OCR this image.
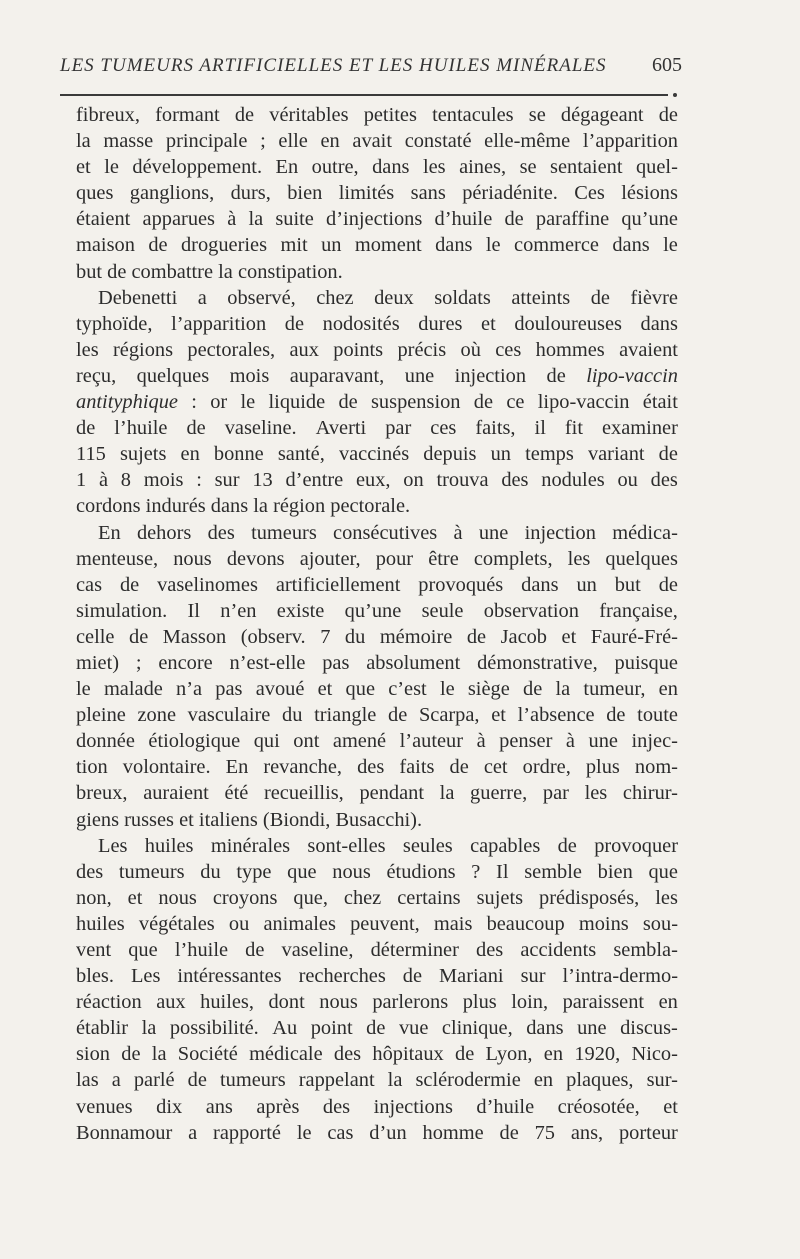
LES TUMEURS ARTIFICIELLES ET LES HUILES MINÉRALES 605
fibreux, formant de véritables petites tentacules se dégageant de
la masse principale ; elle en avait constaté elle-même l’apparition
et le développement. En outre, dans les aines, se sentaient quel-
ques ganglions, durs, bien limités sans périadénite. Ces lésions
étaient apparues à la suite d’injections d’huile de paraffine qu’une
maison de drogueries mit un moment dans le commerce dans le
but de combattre la constipation.
Debenetti a observé, chez deux soldats atteints de fièvre
typhoïde, l’apparition de nodosités dures et douloureuses dans
les régions pectorales, aux points précis où ces hommes avaient
reçu, quelques mois auparavant, une injection de lipo-vaccin
antityphique : or le liquide de suspension de ce lipo-vaccin était
de l’huile de vaseline. Averti par ces faits, il fit examiner
115 sujets en bonne santé, vaccinés depuis un temps variant de
1 à 8 mois : sur 13 d’entre eux, on trouva des nodules ou des
cordons indurés dans la région pectorale.
En dehors des tumeurs consécutives à une injection médica-
menteuse, nous devons ajouter, pour être complets, les quelques
cas de vaselinomes artificiellement provoqués dans un but de
simulation. Il n’en existe qu’une seule observation française,
celle de Masson (observ. 7 du mémoire de Jacob et Fauré-Fré-
miet) ; encore n’est-elle pas absolument démonstrative, puisque
le malade n’a pas avoué et que c’est le siège de la tumeur, en
pleine zone vasculaire du triangle de Scarpa, et l’absence de toute
donnée étiologique qui ont amené l’auteur à penser à une injec-
tion volontaire. En revanche, des faits de cet ordre, plus nom-
breux, auraient été recueillis, pendant la guerre, par les chirur-
giens russes et italiens (Biondi, Busacchi).
Les huiles minérales sont-elles seules capables de provoquer
des tumeurs du type que nous étudions ? Il semble bien que
non, et nous croyons que, chez certains sujets prédisposés, les
huiles végétales ou animales peuvent, mais beaucoup moins sou-
vent que l’huile de vaseline, déterminer des accidents sembla-
bles. Les intéressantes recherches de Mariani sur l’intra-dermo-
réaction aux huiles, dont nous parlerons plus loin, paraissent en
établir la possibilité. Au point de vue clinique, dans une discus-
sion de la Société médicale des hôpitaux de Lyon, en 1920, Nico-
las a parlé de tumeurs rappelant la sclérodermie en plaques, sur-
venues dix ans après des injections d’huile créosotée, et
Bonnamour a rapporté le cas d’un homme de 75 ans, porteur
